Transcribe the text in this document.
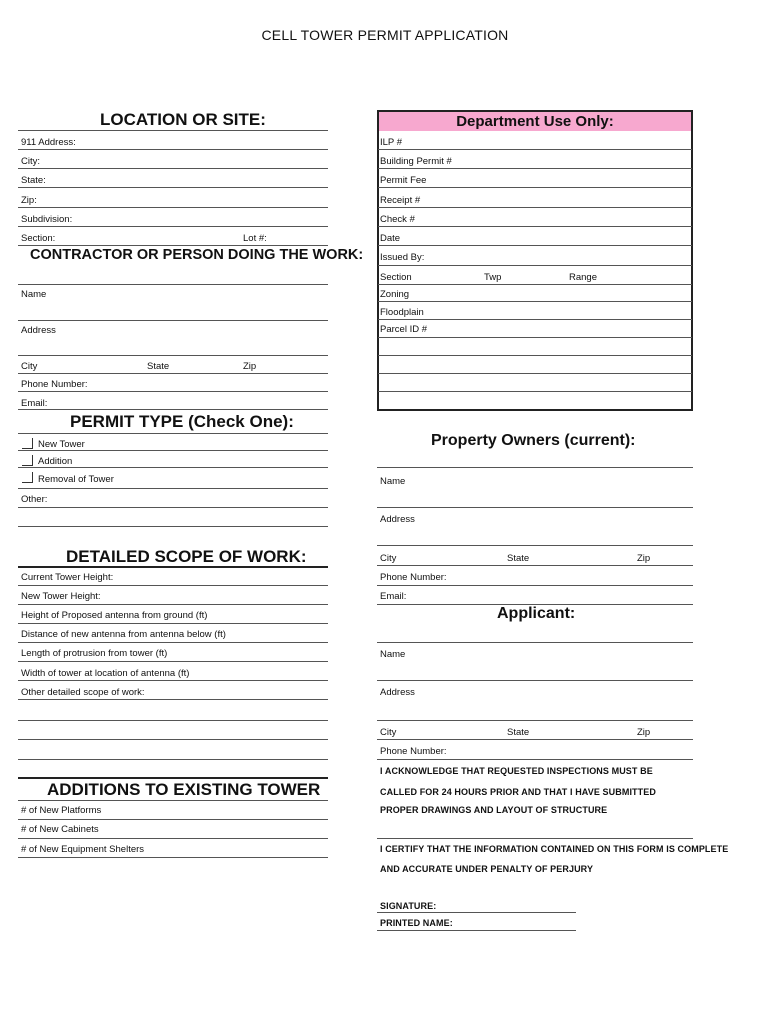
CELL TOWER PERMIT APPLICATION
LOCATION OR SITE:
911 Address:
City:
State:
Zip:
Subdivision:
Section:	Lot #:
CONTRACTOR OR PERSON DOING THE WORK:
Name
Address
City	State	Zip
Phone Number:
Email:
PERMIT TYPE (Check One):
New Tower
Addition
Removal of Tower
Other:
DETAILED SCOPE OF WORK:
Current Tower Height:
New Tower Height:
Height of Proposed antenna from ground (ft)
Distance of new antenna from antenna below (ft)
Length of protrusion from tower (ft)
Width of tower at location of antenna (ft)
Other detailed scope of work:
ADDITIONS TO EXISTING TOWER
# of New Platforms
# of New Cabinets
# of New Equipment Shelters
Department Use Only:
ILP #
Building Permit #
Permit Fee
Receipt #
Check #
Date
Issued By:
Section	Twp	Range
Zoning
Floodplain
Parcel ID #
Property Owners (current):
Name
Address
City	State	Zip
Phone Number:
Email:
Applicant:
Name
Address
City	State	Zip
Phone Number:
I ACKNOWLEDGE THAT REQUESTED INSPECTIONS MUST BE
CALLED FOR 24 HOURS PRIOR AND THAT I HAVE SUBMITTED
PROPER DRAWINGS AND LAYOUT OF STRUCTURE
I CERTIFY THAT THE INFORMATION CONTAINED ON THIS FORM IS COMPLETE
AND ACCURATE UNDER PENALTY OF PERJURY
SIGNATURE:
PRINTED NAME:
